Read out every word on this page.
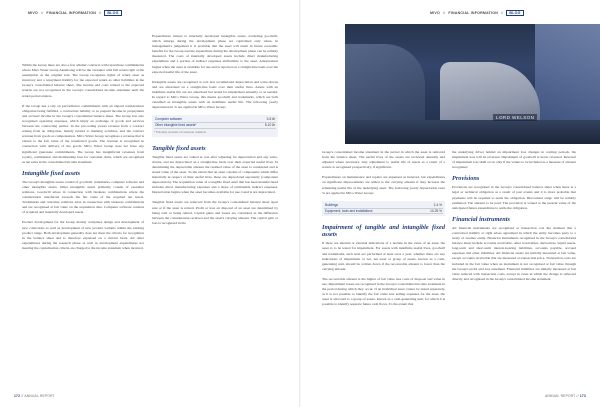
MIVO // FINANCIAL INFORMATION //	BLOG

Within the Group there are also a few smaller contracts with repurchase commitments where Mivo Water Group Aktiebolag will be the customer with full return right at the assumption as the original sale. The Group recognises rights of return asset as inventory and a repayment liability for the expected return as other liabilities in the Group's consolidated balance sheet. The income and costs related to the expected returns are not recognised in the Group's consolidated income statement until the return period expires.

If the Group has a rely on performance commitments with an unpaid consideration obligation being fulfilled, a contractual liability or as prepaid income in prepayment and accrued income in the Group's consolidated balance sheet. The Group has also recognised operating expenses, which imply an exchange of goods and services between the contracting parties. In the pre-ceding yearsa revenue from a contract arising from an obligation, mainly related to marking activities, and the contract revenue from goods as compensation. Mivo Water Group recognises a revenue that is valued to the fair value of the transferred goods. The revenue is recognised in connection with delivery of the goods. Mivo Water Group does not have any significant guarantee commitments. The Group has insignificant revenues from royalty, commission and membership fees for customer clubs, which are recognised as net sales in the consolidated income statement.

Intangible fixed assets

The Group's intangible assets consist of goodwill, trademarks, computer software and other intangible assets. Other intangible assets primarily consist of customer relations. Goodwill arises in connection with business combinations where the consideration transferred exceeds the fair value of the acquired net assets. Trademarks and customer relations arise in connection with business combinations and are recognised at fair value on the acquisition date. Computer software consists of acquired and internally developed assets.

Product development for the Group mainly comprises design and development of new collections as well as development of new product variants within the existing product range. Both development generally does not meet the criteria for recognition in the balance sheet and is therefore expensed on a current basis. All other expenditures during the research phase as well as development expenditures not meeting the capitalisation criteria are charged to the income statement when incurred.

Expenditures related to internally developed intangible assets, excluding goodwill, which emerge during the development phase are capitalised only when, in management's judgement it is probable that the asset will result in future economic benefits for the Group and the expenditure during the development phase can be reliably measured. The costs of internally developed assets include direct manufacturing expenditure and a portion of indirect expenses attributable to the asset. Amortisation begins when the asset is available for use and is reported on a straight-line basis over the expected useful life of the asset.

Intangible assets are recognised at cost less accumulated depreciation and write-downs and are amortised on a straight-line basis over their useful lives. Assets with an indefinite useful life are not amortised but tested for impairment annually or as needed. In regard to Mivo Water Group, this means goodwill and trademarks, which are both classified as intangible assets with an indefinite useful life. The following yearly depreciation in % are applied in Mivo Water Group:

Computer software	3-5 år
Other intangible fixed assets*	5-10 år
* Primarily consists of customer relations
Tangible fixed assets

Tangible fixed assets are valued at cost after adjusting for depreciation and any write-downs, and are depreciated on a straight-line basis over their expected useful lives. In determining the depreciable amount the residual value of the asset is considered and is stated value of the asset. To the extent that an asset consists of components which differ materially in respect of their useful lives, these are depreciated separately (component depreciation). The acquisition value of a tangible fixed asset that has been manufactured includes direct manufacturing expenses and a share of attributable indirect expenses. Depreciation begins when the asset becomes available for use. Land is not depreciated.

Tangible fixed assets are removed from the Group's consolidated balance sheet upon sale or if the asset is retired. Profit or loss on disposal of an asset are determined by being sold or being retired. Capital gains and losses are calculated as the difference between the consideration received and the asset's carrying amount. The capital gain or loss is recognised in the

172 // ANNUAL REPORT
MIVO // FINANCIAL INFORMATION //	BLOG
LORD WELSON

Group's consolidated income statement in the period in which the asset is removed from the balance sheet. The useful lives of the assets are reviewed annually and adjusted where necessary. Any adjustment to useful life of assets as a result of a review is recognised prospectively, if significant.

Expenditures on maintenance and repairs are expensed as incurred, but expenditures on significant improvements are added to the carrying amount if they increase the remaining useful life of the underlying asset. The following yearly depreciation rates % are applied in Mivo Water Group:

Buildings	2-4 %
Equipment, tools and installations	10-25 %
Impairment of tangible and intangible fixed assets

If there are internal or external indications of a decline in the value of an asset, the asset is to be tested for impairment. For assets with indefinite useful lives, goodwill and trademarks, such tests are performed at least once a year, whether there are any indications of impairment or not. An asset or group of assets, known as a cash-generating unit, should be written down if the recoverable amount is lower than the carrying amount.

The recoverable amount is the higher of fair value less costs of disposal and value in use. Impairment losses are recognised in the Group's consolidated income statement in the period during which they occur. If an individual asset cannot be tested separately, as it is not possible to identify the fair value less selling expenses for the asset, the asset is allocated to a group of assets, known as a cash-generating unit, for which it is possible to identify separate future cash flows. To the extent that

the underlying driver behind an impairment loss changes in coming periods, the impairment loss will be reversed. Impairment of goodwill is never reversed. Reversal of impairment loss shall occur only if the values to be included as a measure of amount recognised

Provisions

Provisions are recognised in the Group's consolidated balance sheet when there is a legal or technical obligation as a result of past events and it is more probable that payments will be required to settle the obligation. Discounted outgo will be reliably estimated. The amount to be paid. The provision is valued at the present value of the anticipated future expenditure to settle the obligation.

Financial instruments

All financial instruments are recognised at transaction cost the moment that a contractual liability or right arises agreement in which the entity becomes party to a treaty of another entity. Financial instruments recognised in the Group's consolidated balance sheet include accounts receivable, other receivables, derivatives, liquid assets, long-term and short-term interest-bearing liabilities, accounts payable, accrued expenses and other liabilities. All financial assets are initially measured at fair value, except accounts receivable that are measured at transaction price. Transaction costs are included in the fair value when an instrument is not recognised at fair value through the Group's profit and loss statement. Financial liabilities are initially measured at fair value reduced with transaction costs, except in cases in which the change is reflected directly and recognised in the Group's consolidated income statement.

ANNUAL REPORT // 173
